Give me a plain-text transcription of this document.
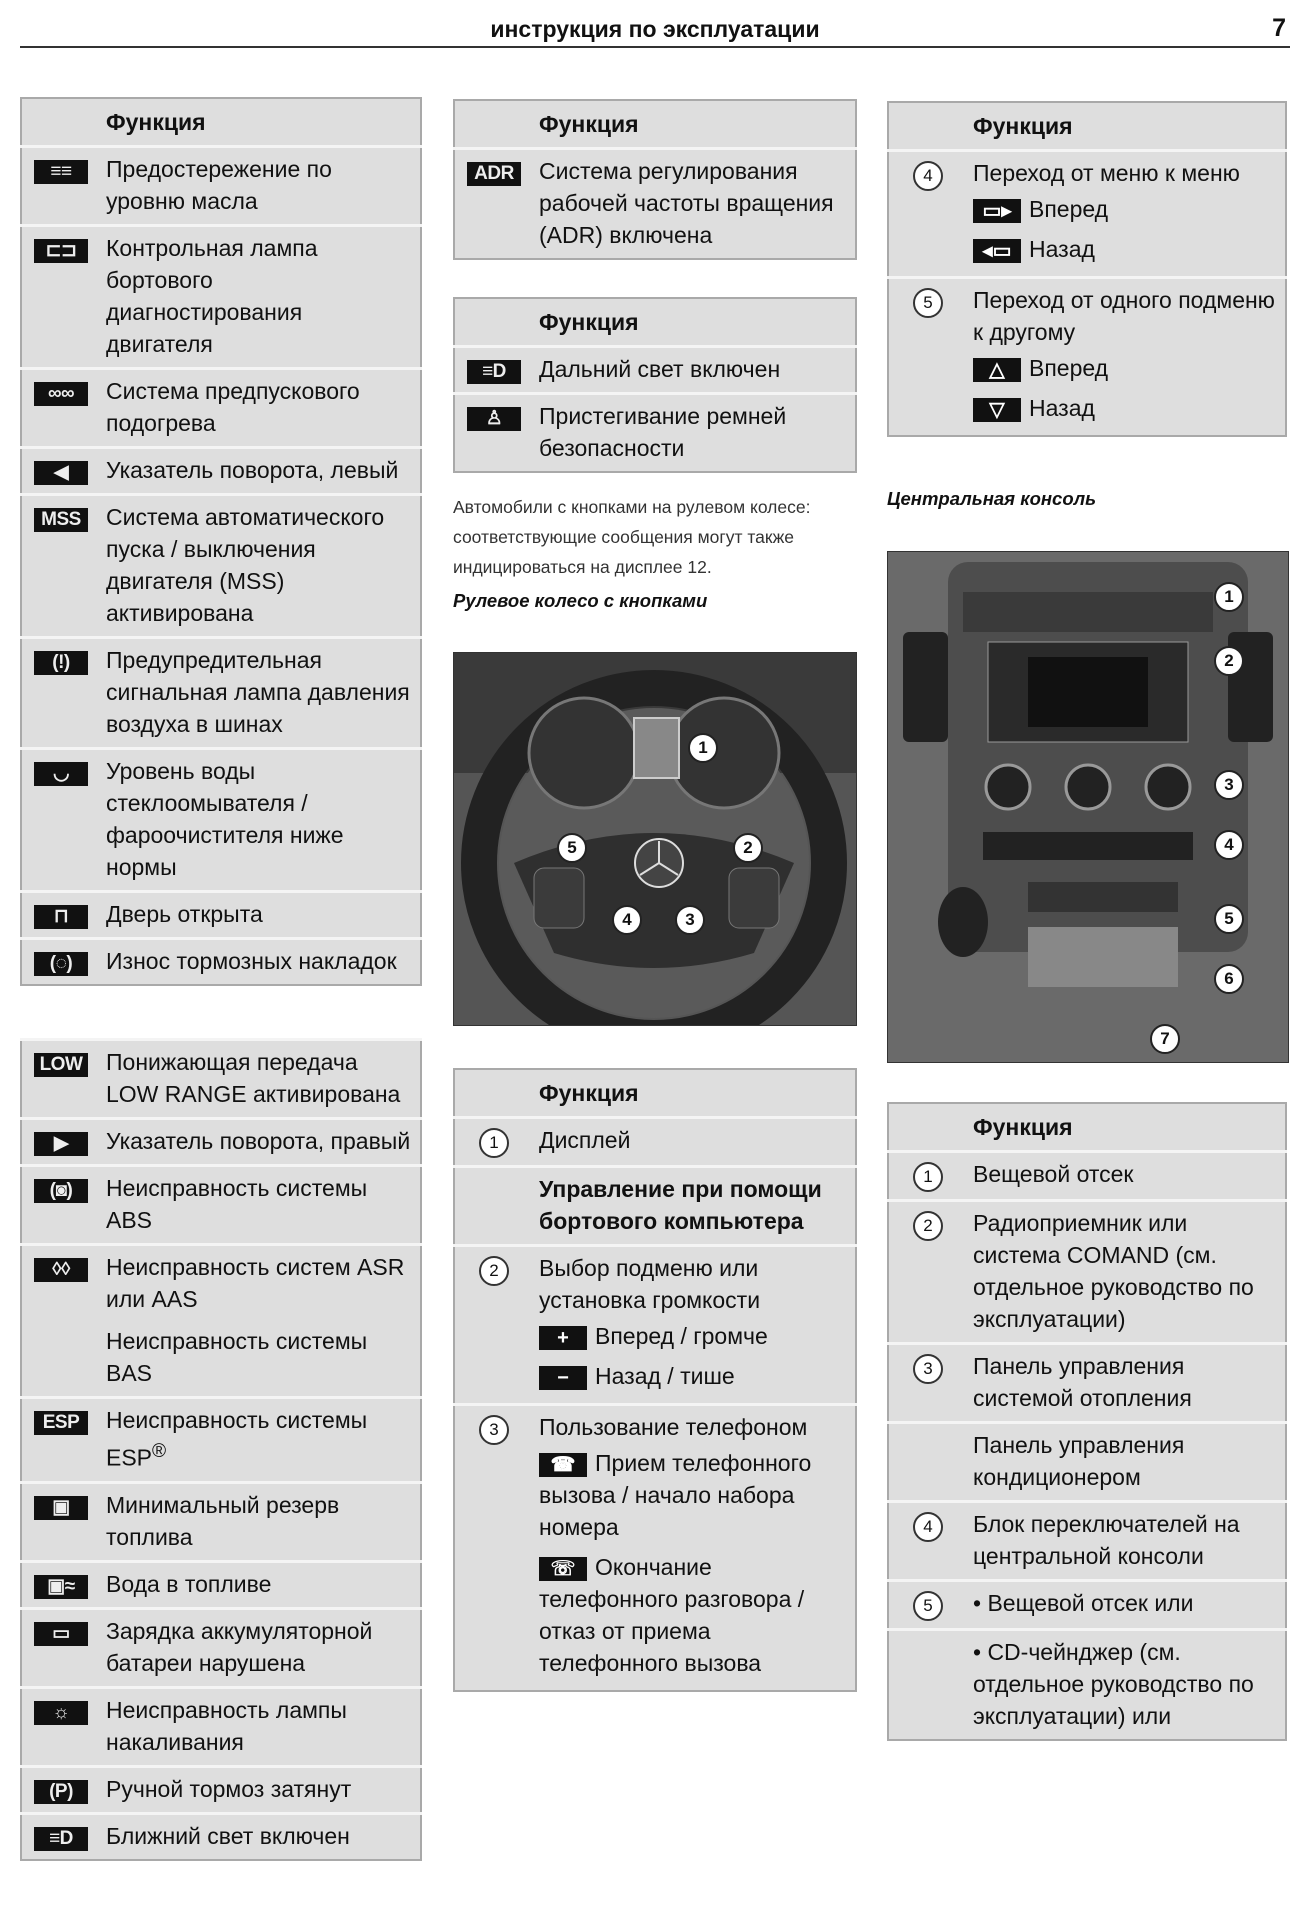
инструкция по эксплуатации	7
	Функция
≡≡	Предостережение по уровню масла
⊏⊐	Контрольная лампа бортового диагностирования двигателя
∞∞	Система предпускового подогрева
◀	Указатель поворота, левый
MSS	Система автоматического пуска / выключения двигателя (MSS) активирована
(!)	Предупредительная сигнальная лампа давления воздуха в шинах
◡	Уровень воды стеклоомывателя / фароочистителя ниже нормы
⊓	Дверь открыта
(◌)	Износ тормозных накладок
LOW	Понижающая передача LOW RANGE активирована
▶	Указатель поворота, правый
(◙)	Неисправность системы ABS
◊◊	Неисправность систем ASR или AAS
Неисправность системы BAS

ESP	Неисправность системы ESP®
▣	Минимальный резерв топлива
▣≈	Вода в топливе
▭	Зарядка аккумуляторной батареи нарушена
☼	Неисправность лампы накаливания
(P)	Ручной тормоз затянут
≡D	Ближний свет включен
	Функция
ADR	Система регулирования рабочей частоты вращения (ADR) включена
	Функция
≡D	Дальний свет включен
♙	Пристегивание ремней безопасности
Автомобили с кнопками на рулевом колесе: соответствующие сообщения могут также индицироваться на дисплее 12.
Рулевое колесо с кнопками
1
2
3
4
5
	Функция
1	Дисплей
	Управление при помощи бортового компьютера
2	Выбор подменю или установка громкости
+ Вперед / громче
− Назад / тише

3	Пользование телефоном
☎ Прием телефонного вызова / начало набора номера
☏ Окончание телефонного разговора / отказ от приема телефонного вызова
	Функция
4	Переход от меню к меню
▭▸ Вперед
◂▭ Назад

5	Переход от одного подменю к другому
△ Вперед
▽ Назад
Центральная консоль
1
2
3
4
5
6
7
	Функция
1	Вещевой отсек
2	Радиоприемник или система COMAND (см. отдельное руководство по эксплуатации)
3	Панель управления системой отопления
	Панель управления кондиционером
4	Блок переключателей на центральной консоли
5	• Вещевой отсек или
	• CD-чейнджер (см. отдельное руководство по эксплуатации) или
